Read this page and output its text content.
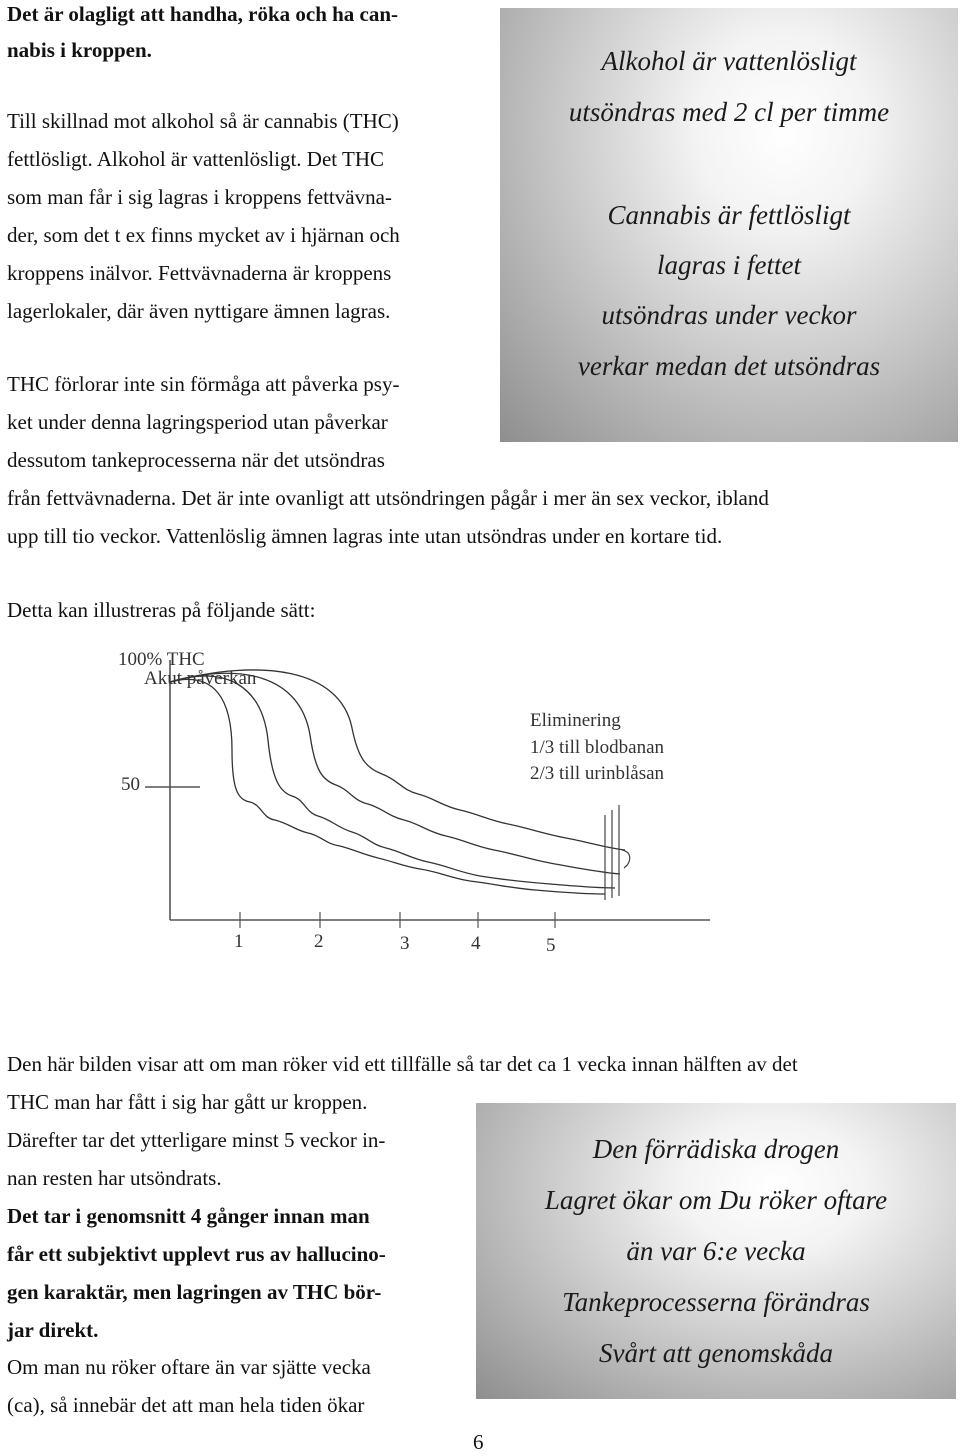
Det är olagligt att handha, röka och ha can-
nabis i kroppen.
Till skillnad mot alkohol så är cannabis (THC)
fettlösligt. Alkohol är vattenlösligt. Det THC
som man får i sig lagras i kroppens fettvävna-
der, som det t ex finns mycket av i hjärnan och
kroppens inälvor. Fettvävnaderna är kroppens
lagerlokaler, där även nyttigare ämnen lagras.
Alkohol är vattenlösligt
utsöndras med 2 cl per timme
Cannabis är fettlösligt
lagras i fettet
utsöndras under veckor
verkar medan det utsöndras
THC förlorar inte sin förmåga att påverka psy-
ket under denna lagringsperiod utan påverkar
dessutom tankeprocesserna när det utsöndras
från fettvävnaderna. Det är inte ovanligt att utsöndringen pågår i mer än sex veckor, ibland
upp till tio veckor. Vattenlöslig ämnen lagras inte utan utsöndras under en kortare tid.
Detta kan illustreras på följande sätt:
100% THC
Akut påverkan
50
Eliminering
1/3 till blodbanan
2/3 till urinblåsan
1	2	3	4	5
Den här bilden visar att om man röker vid ett tillfälle så tar det ca 1 vecka innan hälften av det
THC man har fått i sig har gått ur kroppen.
Därefter tar det ytterligare minst 5 veckor in-
nan resten har utsöndrats.
Det tar i genomsnitt 4 gånger innan man
får ett subjektivt upplevt rus av hallucino-
gen karaktär, men lagringen av THC bör-
jar direkt.
Om man nu röker oftare än var sjätte vecka
(ca), så innebär det att man hela tiden ökar
Den förrädiska drogen
Lagret ökar om Du röker oftare
än var 6:e vecka
Tankeprocesserna förändras
Svårt att genomskåda
6
